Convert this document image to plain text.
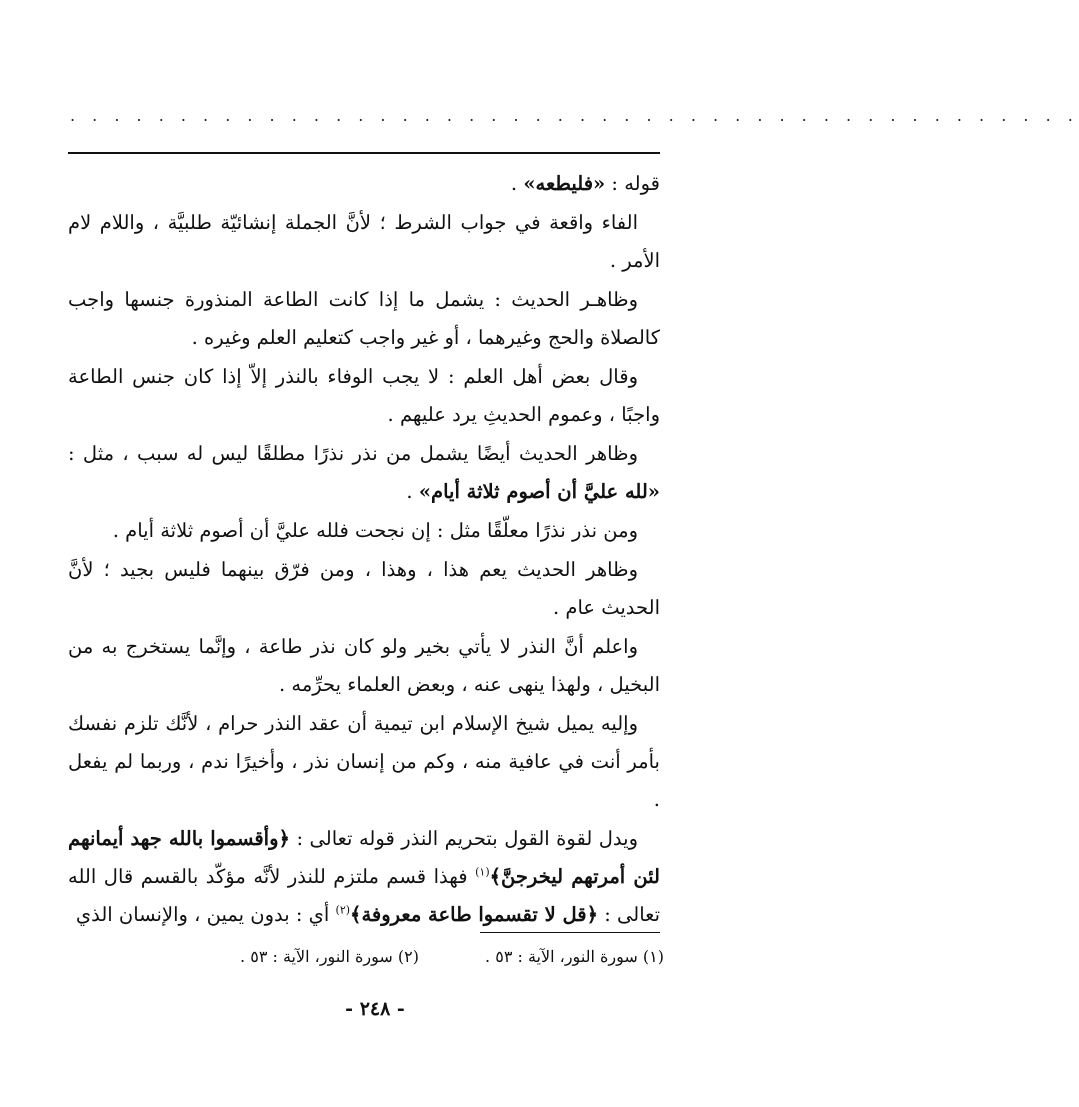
. . . . . . . . . . . . . . . . . . . . . . . . . . . . . . . . . . . . . . . . . . . . . .

قوله : «فليطعه» .

الفاء واقعة في جواب الشرط ؛ لأنَّ الجملة إنشائيّة طلبيَّة ، واللام لام الأمر .

وظاهـر الحديث : يشمل ما إذا كانت الطاعة المنذورة جنسها واجب كالصلاة والحج وغيرهما ، أو غير واجب كتعليم العلم وغيره .

وقال بعض أهل العلم : لا يجب الوفاء بالنذر إلاّ إذا كان جنس الطاعة واجبًا ، وعموم الحديثِ يرد عليهم .

وظاهر الحديث أيضًا يشمل من نذر نذرًا مطلقًا ليس له سبب ، مثل : «لله عليَّ أن أصوم ثلاثة أيام» .

ومن نذر نذرًا معلّقًا مثل : إن نجحت فلله عليَّ أن أصوم ثلاثة أيام .

وظاهر الحديث يعم هذا ، وهذا ، ومن فرّق بينهما فليس بجيد ؛ لأنَّ الحديث عام .

واعلم أنَّ النذر لا يأتي بخير ولو كان نذر طاعة ، وإنَّما يستخرج به من البخيل ، ولهذا ينهى عنه ، وبعض العلماء يحرِّمه .

وإليه يميل شيخ الإسلام ابن تيمية أن عقد النذر حرام ، لأنَّك تلزم نفسك بأمر أنت في عافية منه ، وكم من إنسان نذر ، وأخيرًا ندم ، وربما لم يفعل .

ويدل لقوة القول بتحريم النذر قوله تعالى : ﴿وأقسموا بالله جهد أيمانهم لئن أمرتهم ليخرجنَّ﴾$^{(١)}$ فهذا قسم ملتزم للنذر لأنَّه مؤكّد بالقسم قال الله تعالى : ﴿قل لا تقسموا طاعة معروفة﴾$^{(٢)}$ أي : بدون يمين ، والإنسان الذي

(١) سورة النور، الآية : ٥٣ .
(٢) سورة النور، الآية : ٥٣ .
- ٢٤٨ -
